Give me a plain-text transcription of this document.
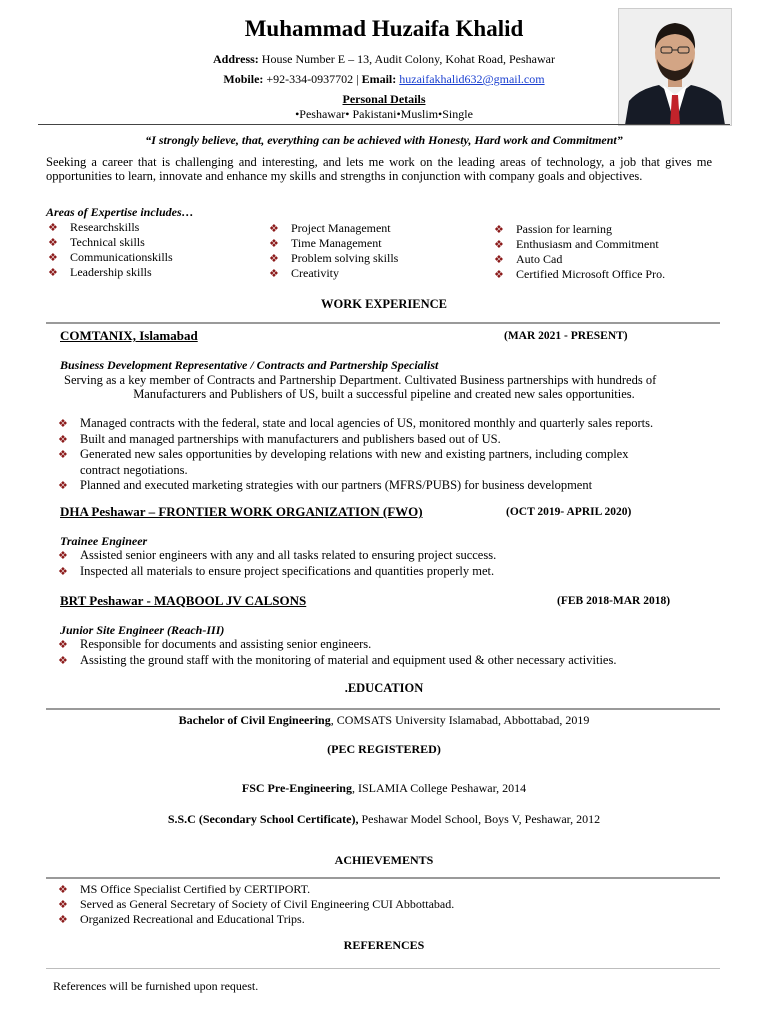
Muhammad Huzaifa Khalid
Address: House Number E – 13, Audit Colony, Kohat Road, Peshawar
Mobile: +92-334-0937702 | Email: huzaifakhalid632@gmail.com
Personal Details
•Peshawar• Pakistani•Muslim•Single
“I strongly believe, that, everything can be achieved with Honesty, Hard work and Commitment”
Seeking a career that is challenging and interesting, and lets me work on the leading areas of technology, a job that gives me opportunities to learn, innovate and enhance my skills and strengths in conjunction with company goals and objectives.
Areas of Expertise includes…
❖ Researchskills
❖ Technical skills
❖ Communicationskills
❖ Leadership skills
❖ Project Management
❖ Time Management
❖ Problem solving skills
❖ Creativity
❖ Passion for learning
❖ Enthusiasm and Commitment
❖ Auto Cad
❖ Certified Microsoft Office Pro.
WORK EXPERIENCE
COMTANIX, Islamabad	(MAR 2021 - PRESENT)
Business Development Representative / Contracts and Partnership Specialist
Serving as a key member of Contracts and Partnership Department. Cultivated Business partnerships with hundreds of
Manufacturers and Publishers of US, built a successful pipeline and created new sales opportunities.
❖ Managed contracts with the federal, state and local agencies of US, monitored monthly and quarterly sales reports.
❖ Built and managed partnerships with manufacturers and publishers based out of US.
❖ Generated new sales opportunities by developing relations with new and existing partners, including complex
contract negotiations.
❖ Planned and executed marketing strategies with our partners (MFRS/PUBS) for business development
DHA Peshawar – FRONTIER WORK ORGANIZATION (FWO)	(OCT 2019- APRIL 2020)
Trainee Engineer
❖ Assisted senior engineers with any and all tasks related to ensuring project success.
❖ Inspected all materials to ensure project specifications and quantities properly met.
BRT Peshawar - MAQBOOL JV CALSONS	(FEB 2018-MAR 2018)
Junior Site Engineer (Reach-III)
❖ Responsible for documents and assisting senior engineers.
❖ Assisting the ground staff with the monitoring of material and equipment used & other necessary activities.
.EDUCATION
Bachelor of Civil Engineering, COMSATS University Islamabad, Abbottabad, 2019
(PEC REGISTERED)
FSC Pre-Engineering, ISLAMIA College Peshawar, 2014
S.S.C (Secondary School Certificate), Peshawar Model School, Boys V, Peshawar, 2012
ACHIEVEMENTS
❖ MS Office Specialist Certified by CERTIPORT.
❖ Served as General Secretary of Society of Civil Engineering CUI Abbottabad.
❖ Organized Recreational and Educational Trips.
REFERENCES
References will be furnished upon request.
